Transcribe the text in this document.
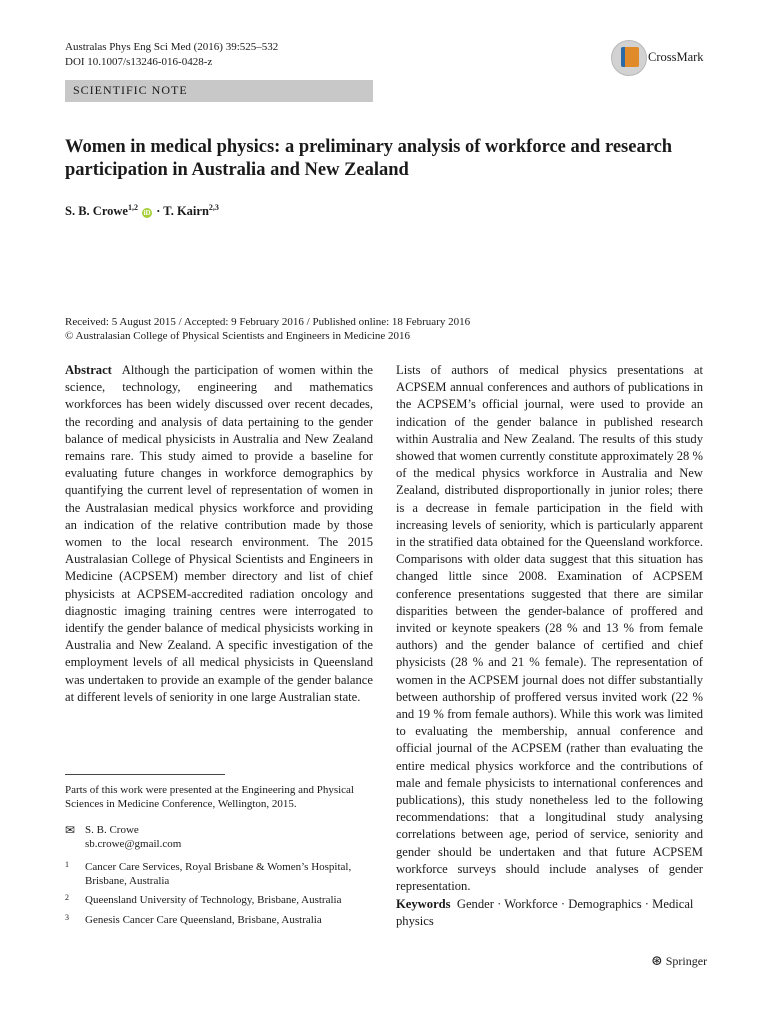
Australas Phys Eng Sci Med (2016) 39:525–532
DOI 10.1007/s13246-016-0428-z
SCIENTIFIC NOTE
CrossMark
Women in medical physics: a preliminary analysis of workforce and research participation in Australia and New Zealand
S. B. Crowe$^{1,2}$ iD · T. Kairn$^{2,3}$
Received: 5 August 2015 / Accepted: 9 February 2016 / Published online: 18 February 2016
© Australasian College of Physical Scientists and Engineers in Medicine 2016
Abstract Although the participation of women within the science, technology, engineering and mathematics workforces has been widely discussed over recent decades, the recording and analysis of data pertaining to the gender balance of medical physicists in Australia and New Zealand remains rare. This study aimed to provide a baseline for evaluating future changes in workforce demographics by quantifying the current level of representation of women in the Australasian medical physics workforce and providing an indication of the relative contribution made by those women to the local research environment. The 2015 Australasian College of Physical Scientists and Engineers in Medicine (ACPSEM) member directory and list of chief physicists at ACPSEM-accredited radiation oncology and diagnostic imaging training centres were interrogated to identify the gender balance of medical physicists working in Australia and New Zealand. A specific investigation of the employment levels of all medical physicists in Queensland was undertaken to provide an example of the gender balance at different levels of seniority in one large Australian state.
Lists of authors of medical physics presentations at ACPSEM annual conferences and authors of publications in the ACPSEM’s official journal, were used to provide an indication of the gender balance in published research within Australia and New Zealand. The results of this study showed that women currently constitute approximately 28 % of the medical physics workforce in Australia and New Zealand, distributed disproportionally in junior roles; there is a decrease in female participation in the field with increasing levels of seniority, which is particularly apparent in the stratified data obtained for the Queensland workforce. Comparisons with older data suggest that this situation has changed little since 2008. Examination of ACPSEM conference presentations suggested that there are similar disparities between the gender-balance of proffered and invited or keynote speakers (28 % and 13 % from female authors) and the gender balance of certified and chief physicists (28 % and 21 % female). The representation of women in the ACPSEM journal does not differ substantially between authorship of proffered versus invited work (22 % and 19 % from female authors). While this work was limited to evaluating the membership, annual conference and official journal of the ACPSEM (rather than evaluating the entire medical physics workforce and the contributions of male and female physicists to international conferences and publications), this study nonetheless led to the following recommendations: that a longitudinal study analysing correlations between age, period of service, seniority and gender should be undertaken and that future ACPSEM workforce surveys should include analyses of gender representation.
Parts of this work were presented at the Engineering and Physical Sciences in Medicine Conference, Wellington, 2015.
✉ S. B. Crowe
sb.crowe@gmail.com
1 Cancer Care Services, Royal Brisbane & Women’s Hospital, Brisbane, Australia
2 Queensland University of Technology, Brisbane, Australia
3 Genesis Cancer Care Queensland, Brisbane, Australia
Keywords Gender · Workforce · Demographics · Medical physics
⊛ Springer
